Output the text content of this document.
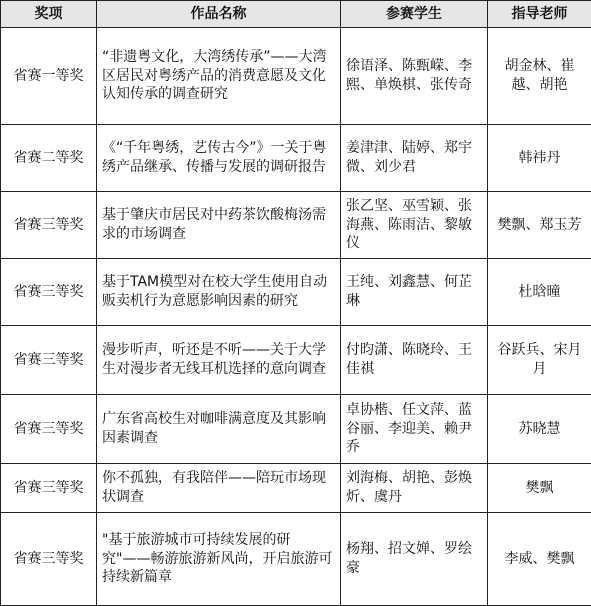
奖项	作品名称	参赛学生	指导老师
省赛一等奖	“非遗粤文化，大湾绣传承”——大湾区居民对粤绣产品的消费意愿及文化认知传承的调查研究	徐语泽、陈甄嵘、李熙、单焕棋、张传奇	胡金林、崔越、胡艳
省赛二等奖	《“千年粤绣，艺传古今”》一关于粤绣产品继承、传播与发展的调研报告	姜津津、陆婷、郑宇微、刘少君	韩祎丹
省赛三等奖	基于肇庆市居民对中药茶饮酸梅汤需求的市场调查	张乙坚、巫雪颖、张海燕、陈雨洁、黎敏仪	樊飘、郑玉芳
省赛三等奖	基于TAM模型对在校大学生使用自动贩卖机行为意愿影响因素的研究	王纯、刘鑫慧、何芷琳	杜晗曈
省赛三等奖	漫步听声，听还是不听——关于大学生对漫步者无线耳机选择的意向调查	付昀潇、陈晓玲、王佳祺	谷跃兵、宋月月
省赛三等奖	广东省高校生对咖啡满意度及其影响因素调查	卓协楷、任文萍、蓝谷丽、李迎美、赖尹乔	苏晓慧
省赛三等奖	你不孤独，有我陪伴——陪玩市场现状调查	刘海梅、胡艳、彭焕炘、虞丹	樊飘
省赛三等奖	"基于旅游城市可持续发展的研究"——畅游旅游新风尚，开启旅游可持续新篇章	杨翔、招文婵、罗绘豪	李威、樊飘
